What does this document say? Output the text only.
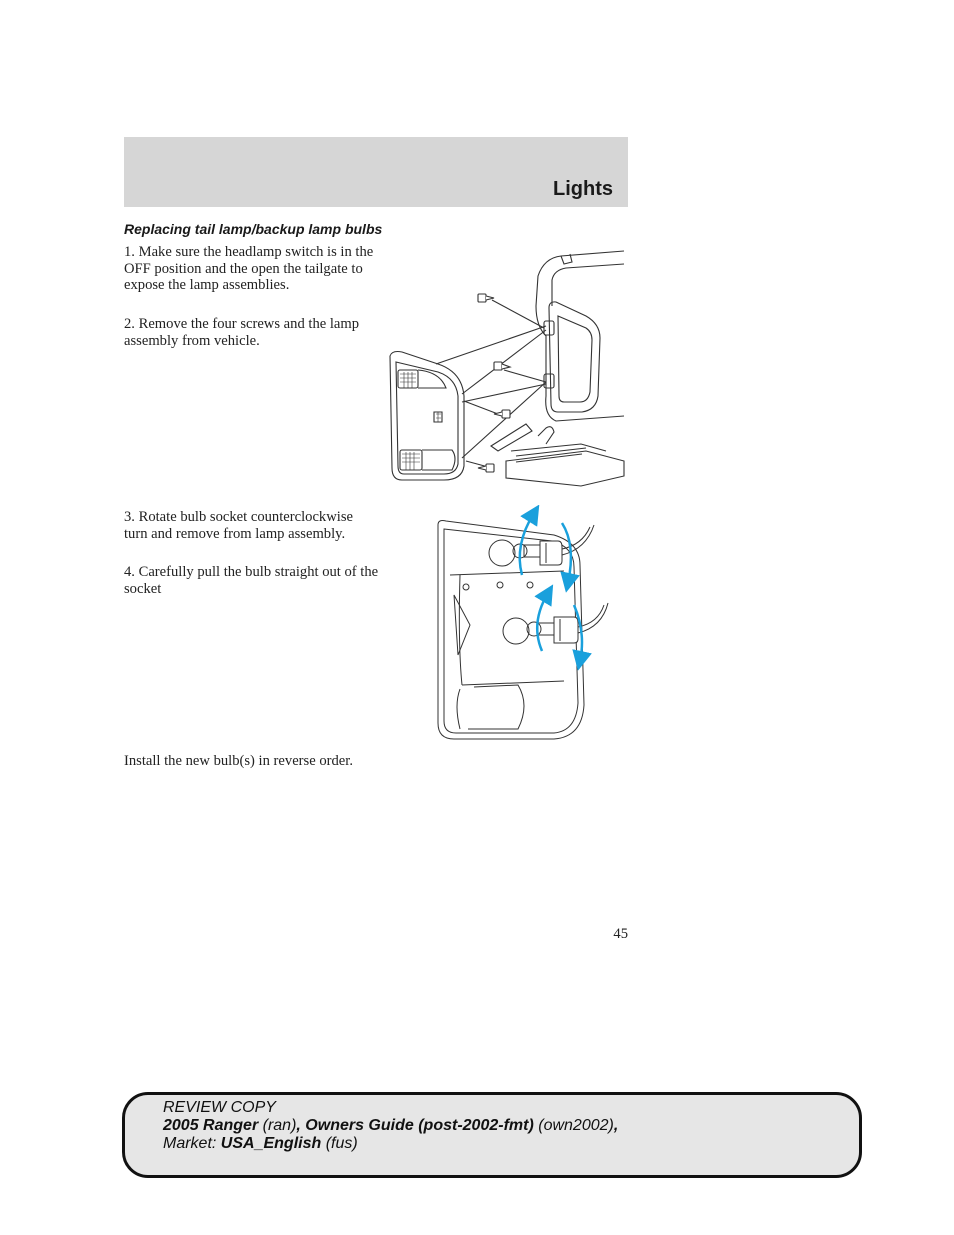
Lights
Replacing tail lamp/backup lamp bulbs

1. Make sure the headlamp switch is in the OFF position and the open the tailgate to expose the lamp assemblies.

2. Remove the four screws and the lamp assembly from vehicle.

3. Rotate bulb socket counterclockwise turn and remove from lamp assembly.

4. Carefully pull the bulb straight out of the socket

Install the new bulb(s) in reverse order.

45
REVIEW COPY
2005 Ranger (ran), Owners Guide (post-2002-fmt) (own2002),
Market: USA_English (fus)
